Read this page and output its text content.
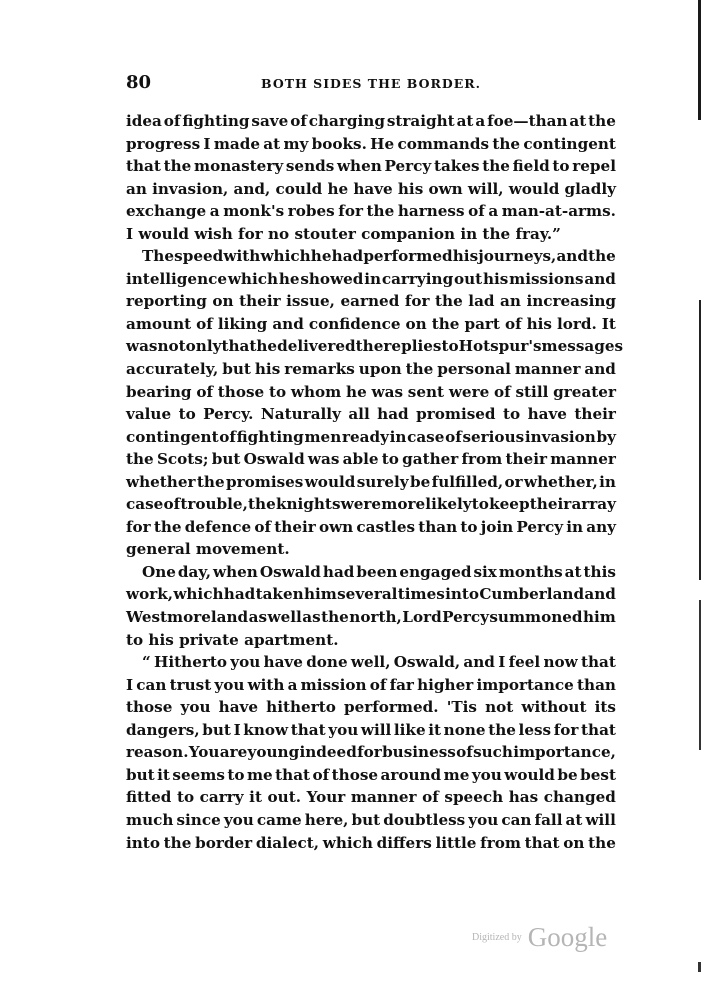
80	BOTH SIDES THE BORDER.
idea of fighting save of charging straight at a foe—than at the
progress I made at my books. He commands the contingent
that the monastery sends when Percy takes the field to repel
an invasion, and, could he have his own will, would gladly
exchange a monk's robes for the harness of a man-at-arms.
I would wish for no stouter companion in the fray.”
The speed with which he had performed his journeys, and the
intelligence which he showed in carrying out his missions and
reporting on their issue, earned for the lad an increasing
amount of liking and confidence on the part of his lord. It
was not only that he delivered the replies to Hotspur's messages
accurately, but his remarks upon the personal manner and
bearing of those to whom he was sent were of still greater
value to Percy. Naturally all had promised to have their
contingent of fighting men ready in case of serious invasion by
the Scots; but Oswald was able to gather from their manner
whether the promises would surely be fulfilled, or whether, in
case of trouble, the knights were more likely to keep their array
for the defence of their own castles than to join Percy in any
general movement.
One day, when Oswald had been engaged six months at this
work, which had taken him several times into Cumberland and
Westmoreland as well as the north, Lord Percy summoned him
to his private apartment.
“ Hitherto you have done well, Oswald, and I feel now that
I can trust you with a mission of far higher importance than
those you have hitherto performed. 'Tis not without its
dangers, but I know that you will like it none the less for that
reason. You are young indeed for business of such importance,
but it seems to me that of those around me you would be best
fitted to carry it out. Your manner of speech has changed
much since you came here, but doubtless you can fall at will
into the border dialect, which differs little from that on the
Digitized by Google
